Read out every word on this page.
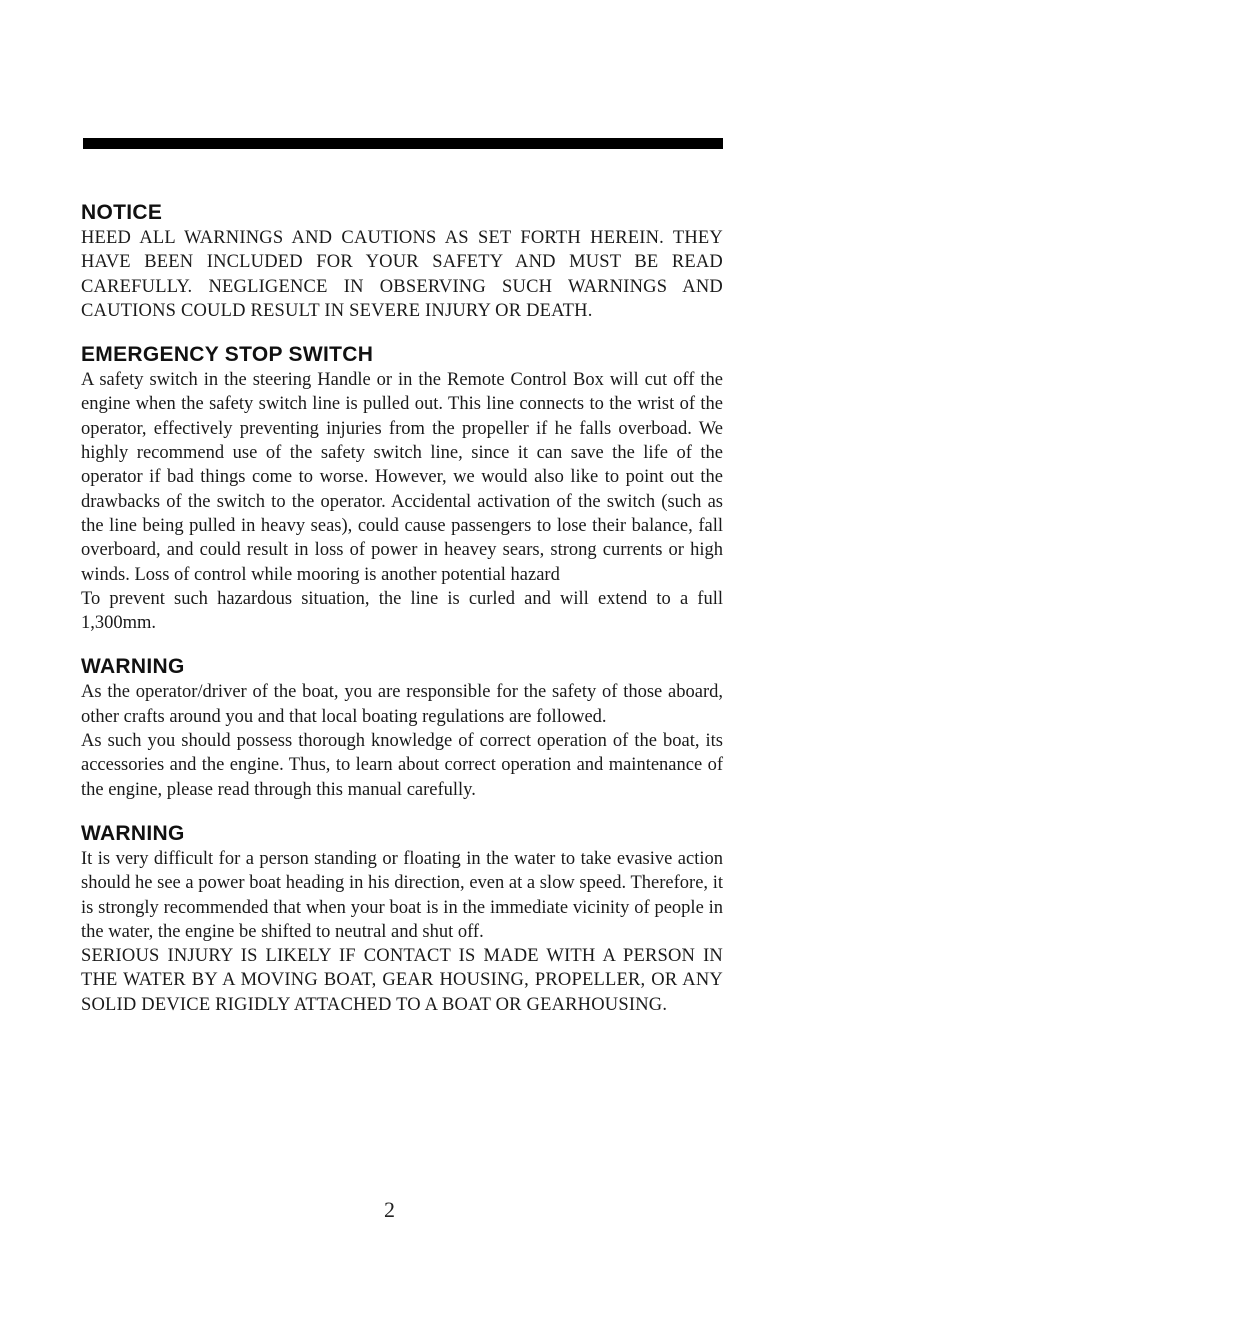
NOTICE

HEED ALL WARNINGS AND CAUTIONS AS SET FORTH HEREIN. THEY HAVE BEEN INCLUDED FOR YOUR SAFETY AND MUST BE READ CAREFULLY. NEGLIGENCE IN OBSERVING SUCH WARNINGS AND CAUTIONS COULD RESULT IN SEVERE INJURY OR DEATH.

EMERGENCY STOP SWITCH

A safety switch in the steering Handle or in the Remote Control Box will cut off the engine when the safety switch line is pulled out. This line connects to the wrist of the operator, effectively preventing injuries from the propeller if he falls overboad. We highly recommend use of the safety switch line, since it can save the life of the operator if bad things come to worse. However, we would also like to point out the drawbacks of the switch to the operator. Accidental activation of the switch (such as the line being pulled in heavy seas), could cause passengers to lose their balance, fall overboard, and could result in loss of power in heavey sears, strong currents or high winds. Loss of control while mooring is another potential hazard

To prevent such hazardous situation, the line is curled and will extend to a full 1,300mm.

WARNING

As the operator/driver of the boat, you are responsible for the safety of those aboard, other crafts around you and that local boating regulations are followed.

As such you should possess thorough knowledge of correct operation of the boat, its accessories and the engine. Thus, to learn about correct operation and maintenance of the engine, please read through this manual carefully.

WARNING

It is very difficult for a person standing or floating in the water to take evasive action should he see a power boat heading in his direction, even at a slow speed. Therefore, it is strongly recommended that when your boat is in the immediate vicinity of people in the water, the engine be shifted to neutral and shut off.

SERIOUS INJURY IS LIKELY IF CONTACT IS MADE WITH A PERSON IN THE WATER BY A MOVING BOAT, GEAR HOUSING, PROPELLER, OR ANY SOLID DEVICE RIGIDLY ATTACHED TO A BOAT OR GEARHOUSING.

2
